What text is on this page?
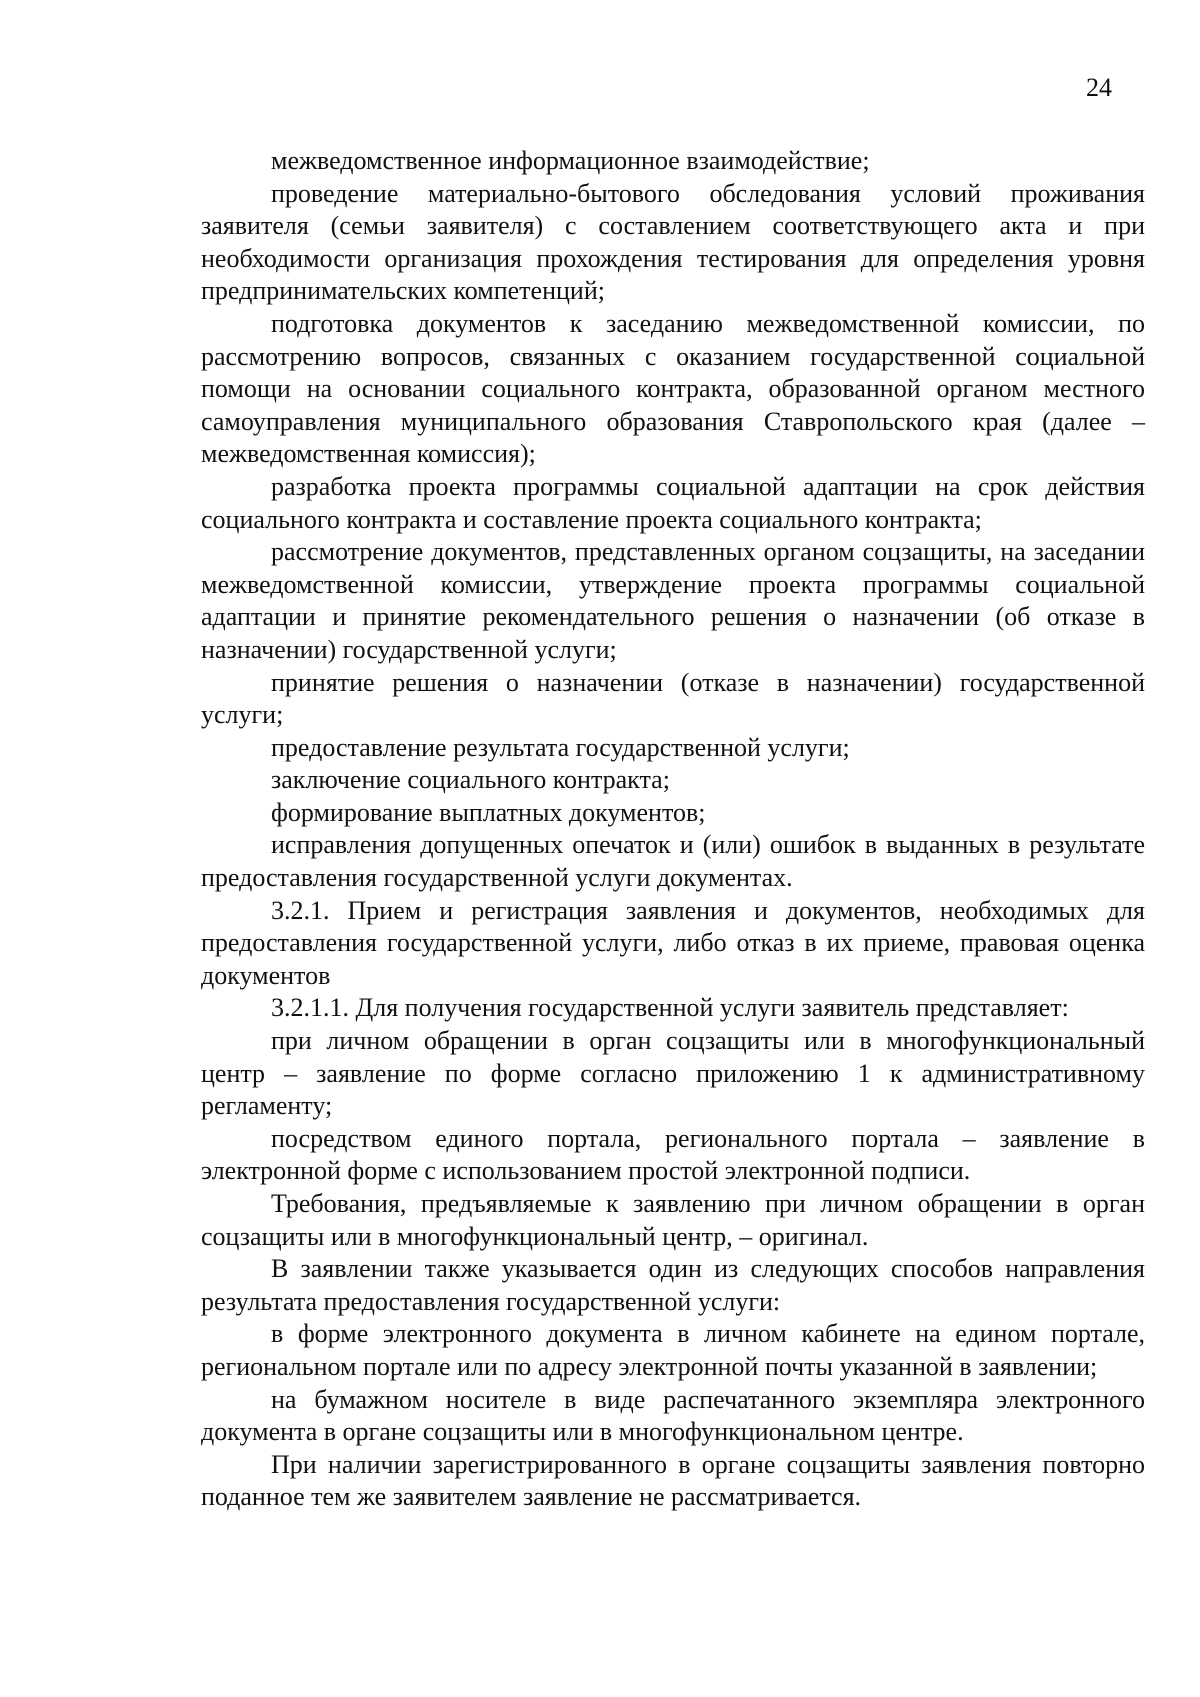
24

межведомственное информационное взаимодействие;

проведение материально-бытового обследования условий проживания заявителя (семьи заявителя) с составлением соответствующего акта и при необходимости организация прохождения тестирования для определения уровня предпринимательских компетенций;

подготовка документов к заседанию межведомственной комиссии, по рассмотрению вопросов, связанных с оказанием государственной социальной помощи на основании социального контракта, образованной органом местного самоуправления муниципального образования Ставропольского края (далее – межведомственная комиссия);

разработка проекта программы социальной адаптации на срок действия социального контракта и составление проекта социального контракта;

рассмотрение документов, представленных органом соцзащиты, на заседании межведомственной комиссии, утверждение проекта программы социальной адаптации и принятие рекомендательного решения о назначении (об отказе в назначении) государственной услуги;

принятие решения о назначении (отказе в назначении) государственной услуги;

предоставление результата государственной услуги;

заключение социального контракта;

формирование выплатных документов;

исправления допущенных опечаток и (или) ошибок в выданных в результате предоставления государственной услуги документах.

3.2.1. Прием и регистрация заявления и документов, необходимых для предоставления государственной услуги, либо отказ в их приеме, правовая оценка документов

3.2.1.1. Для получения государственной услуги заявитель представляет:

при личном обращении в орган соцзащиты или в многофункциональный центр – заявление по форме согласно приложению 1 к административному регламенту;

посредством единого портала, регионального портала – заявление в электронной форме с использованием простой электронной подписи.

Требования, предъявляемые к заявлению при личном обращении в орган соцзащиты или в многофункциональный центр, – оригинал.

В заявлении также указывается один из следующих способов направления результата предоставления государственной услуги:

в форме электронного документа в личном кабинете на едином портале, региональном портале или по адресу электронной почты указанной в заявлении;

на бумажном носителе в виде распечатанного экземпляра электронного документа в органе соцзащиты или в многофункциональном центре.

При наличии зарегистрированного в органе соцзащиты заявления повторно поданное тем же заявителем заявление не рассматривается.
